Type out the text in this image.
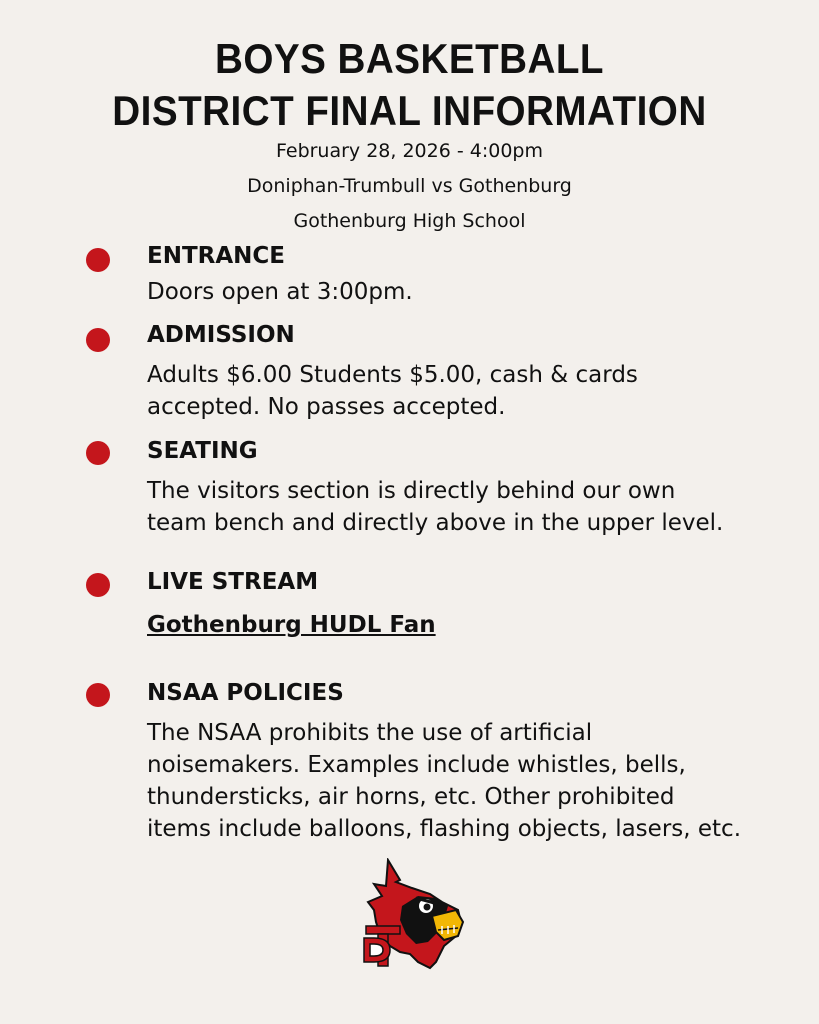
BOYS BASKETBALL
DISTRICT FINAL INFORMATION
February 28, 2026 - 4:00pm
Doniphan-Trumbull vs Gothenburg
Gothenburg High School
ENTRANCE
Doors open at 3:00pm.
ADMISSION
Adults $6.00 Students $5.00, cash & cards
accepted. No passes accepted.
SEATING
The visitors section is directly behind our own
team bench and directly above in the upper level.
LIVE STREAM
Gothenburg HUDL Fan
NSAA POLICIES
The NSAA prohibits the use of artificial
noisemakers. Examples include whistles, bells,
thundersticks, air horns, etc. Other prohibited
items include balloons, flashing objects, lasers, etc.
